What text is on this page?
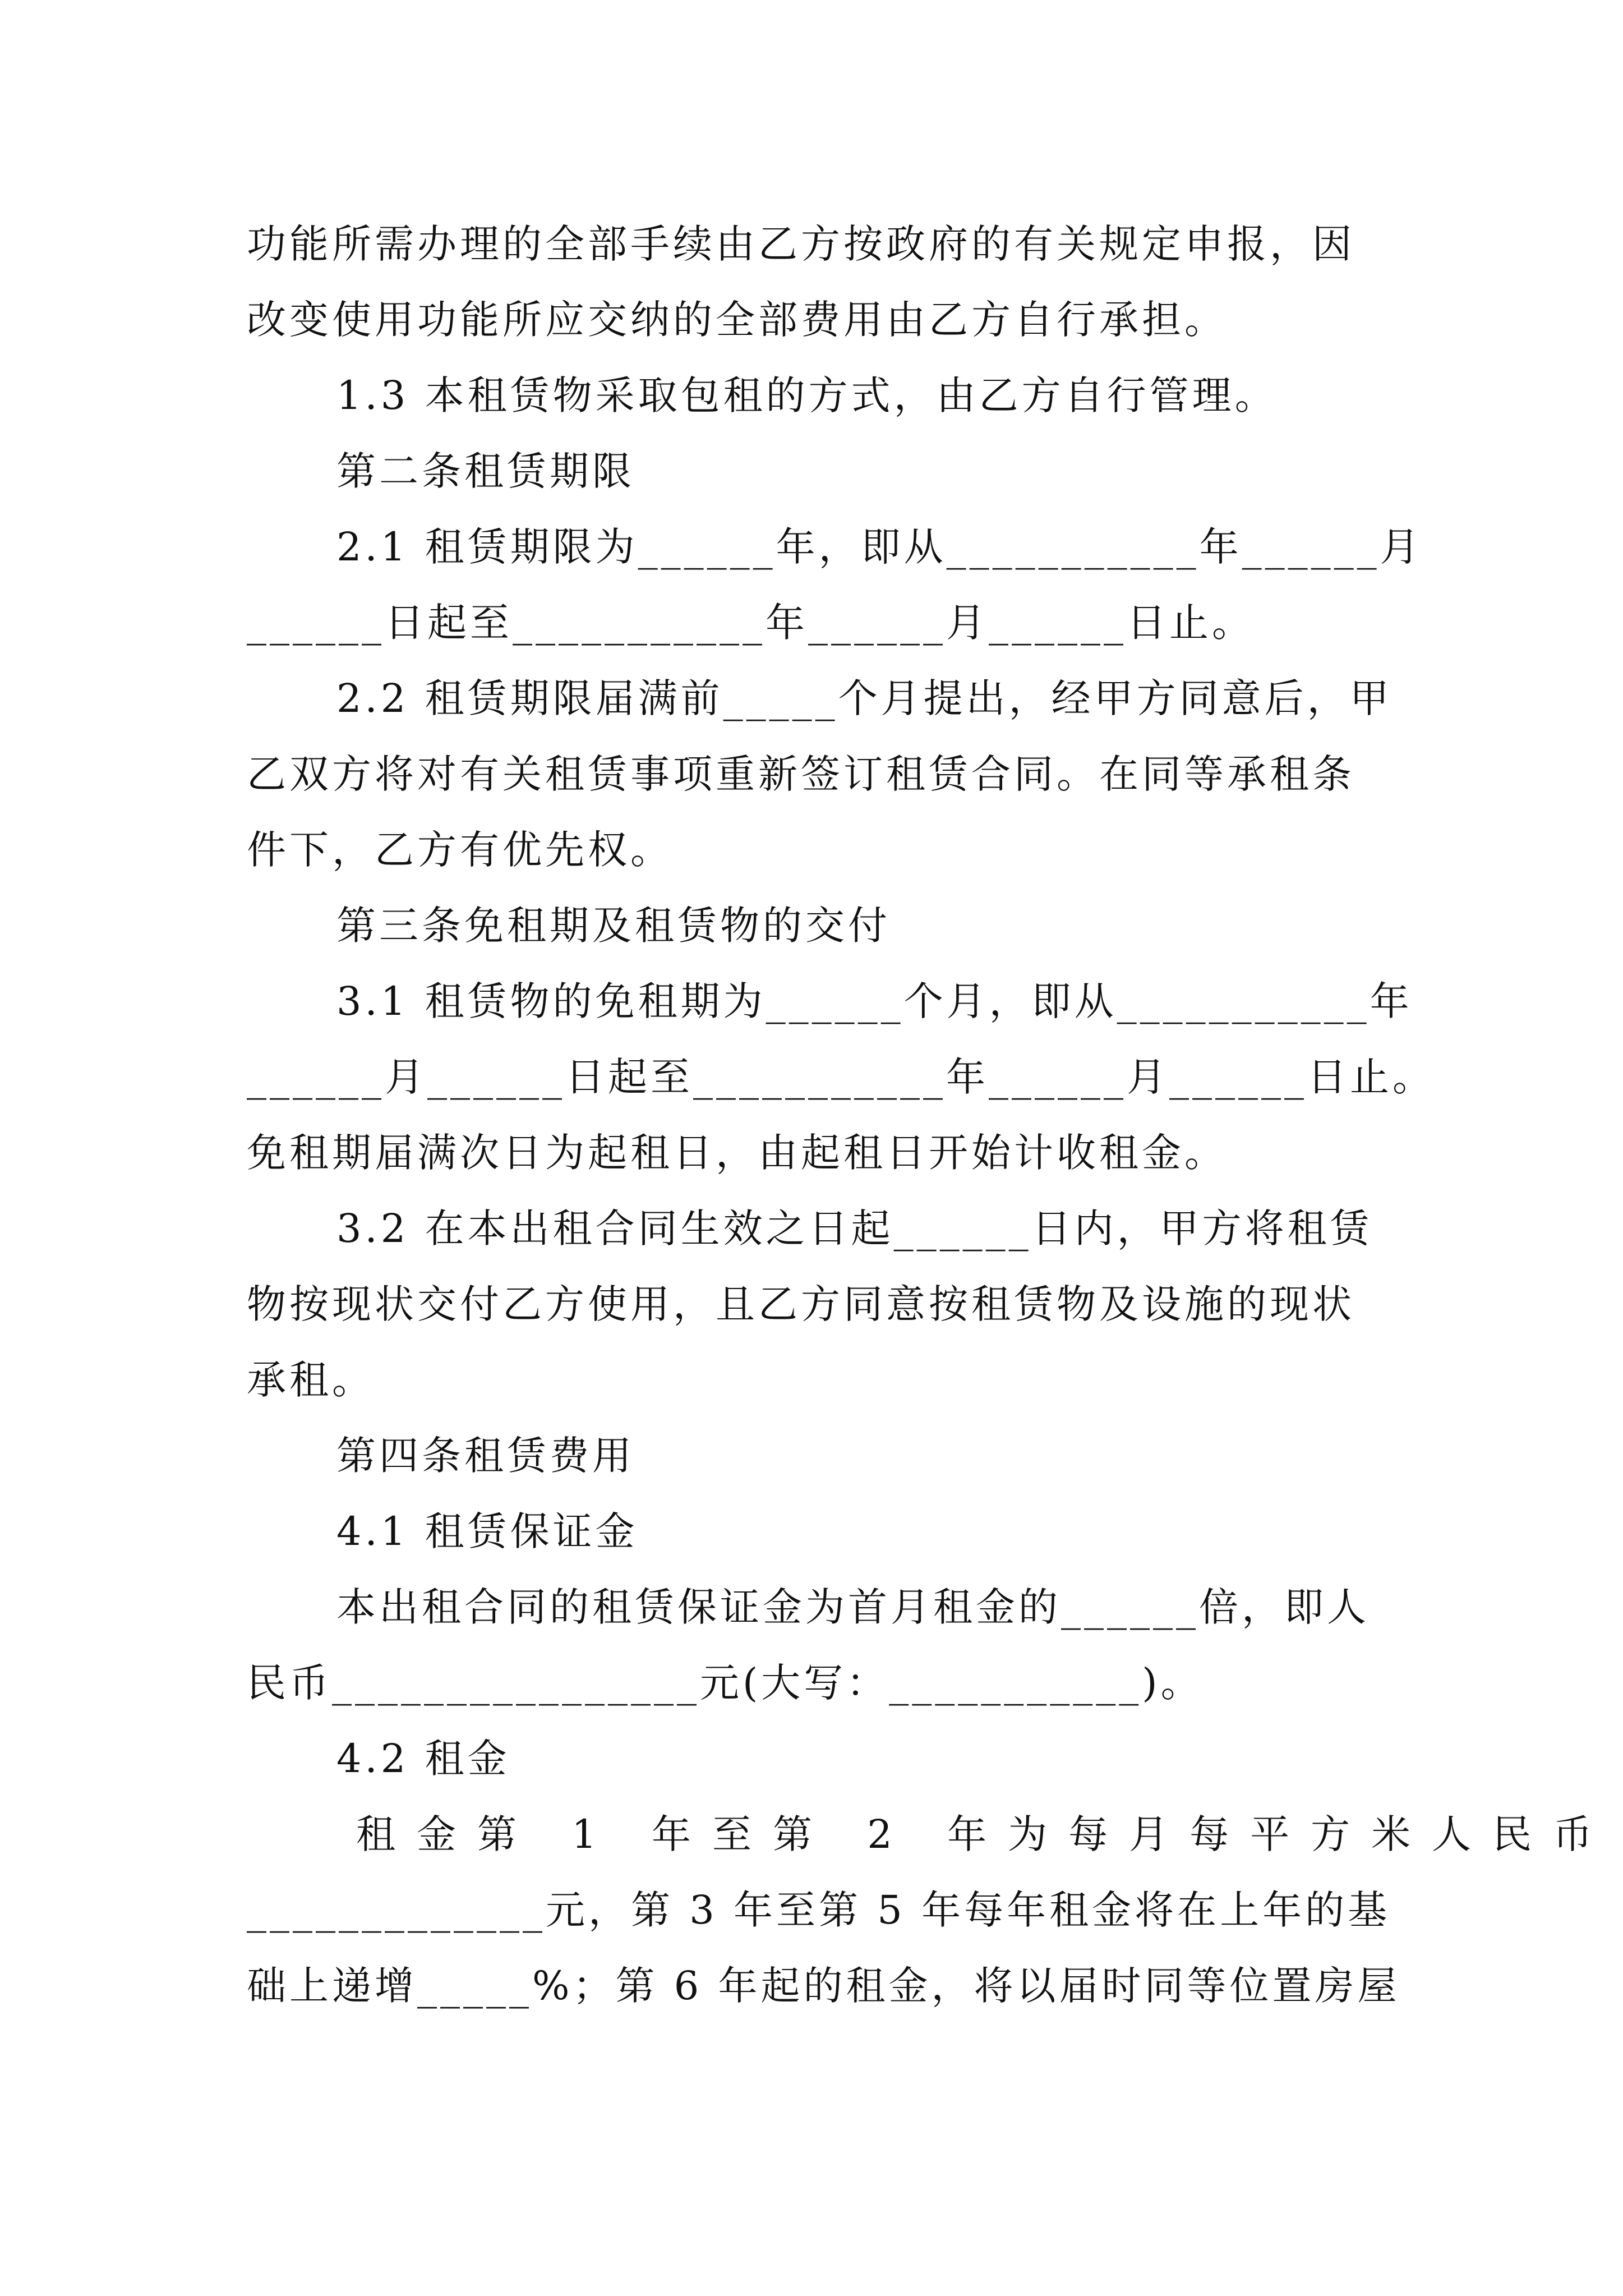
功能所需办理的全部手续由乙方按政府的有关规定申报，因
改变使用功能所应交纳的全部费用由乙方自行承担。
1.3 本租赁物采取包租的方式，由乙方自行管理。
第二条租赁期限
2.1 租赁期限为______年，即从___________年______月
______日起至___________年______月______日止。
2.2 租赁期限届满前_____个月提出，经甲方同意后，甲
乙双方将对有关租赁事项重新签订租赁合同。在同等承租条
件下，乙方有优先权。
第三条免租期及租赁物的交付
3.1 租赁物的免租期为______个月，即从___________年
______月______日起至___________年______月______日止。
免租期届满次日为起租日，由起租日开始计收租金。
3.2 在本出租合同生效之日起______日内，甲方将租赁
物按现状交付乙方使用，且乙方同意按租赁物及设施的现状
承租。
第四条租赁费用
4.1 租赁保证金
本出租合同的租赁保证金为首月租金的______倍，即人
民币________________元(大写：___________)。
4.2 租金
租金第 1 年至第 2 年为每月每平方米人民币
_____________元，第 3 年至第 5 年每年租金将在上年的基
础上递增_____%；第 6 年起的租金，将以届时同等位置房屋
